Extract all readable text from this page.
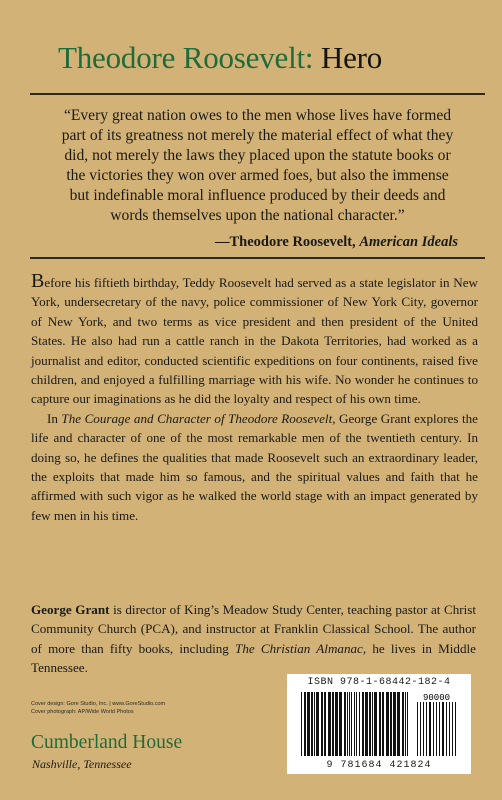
Theodore Roosevelt: Hero
“Every great nation owes to the men whose lives have formed part of its greatness not merely the material effect of what they did, not merely the laws they placed upon the statute books or the victories they won over armed foes, but also the immense but indefinable moral influence produced by their deeds and words themselves upon the national character.”
—Theodore Roosevelt, American Ideals

Before his fiftieth birthday, Teddy Roosevelt had served as a state legislator in New York, undersecretary of the navy, police commissioner of New York City, governor of New York, and two terms as vice president and then president of the United States. He also had run a cattle ranch in the Dakota Territories, had worked as a journalist and editor, conducted scientific expeditions on four continents, raised five children, and enjoyed a fulfilling marriage with his wife. No wonder he continues to capture our imaginations as he did the loyalty and respect of his own time.

In The Courage and Character of Theodore Roosevelt, George Grant explores the life and character of one of the most remarkable men of the twentieth century. In doing so, he defines the qualities that made Roosevelt such an extraordinary leader, the exploits that made him so famous, and the spiritual values and faith that he affirmed with such vigor as he walked the world stage with an impact generated by few men in his time.

George Grant is director of King’s Meadow Study Center, teaching pastor at Christ Community Church (PCA), and instructor at Franklin Classical School. The author of more than fifty books, including The Christian Almanac, he lives in Middle Tennessee.
Cover design: Gore Studio, Inc. | www.GoreStudio.com
Cover photograph: AP/Wide World Photos
Cumberland House
Nashville, Tennessee
ISBN 978-1-68442-182-4
90000
9 781684 421824
